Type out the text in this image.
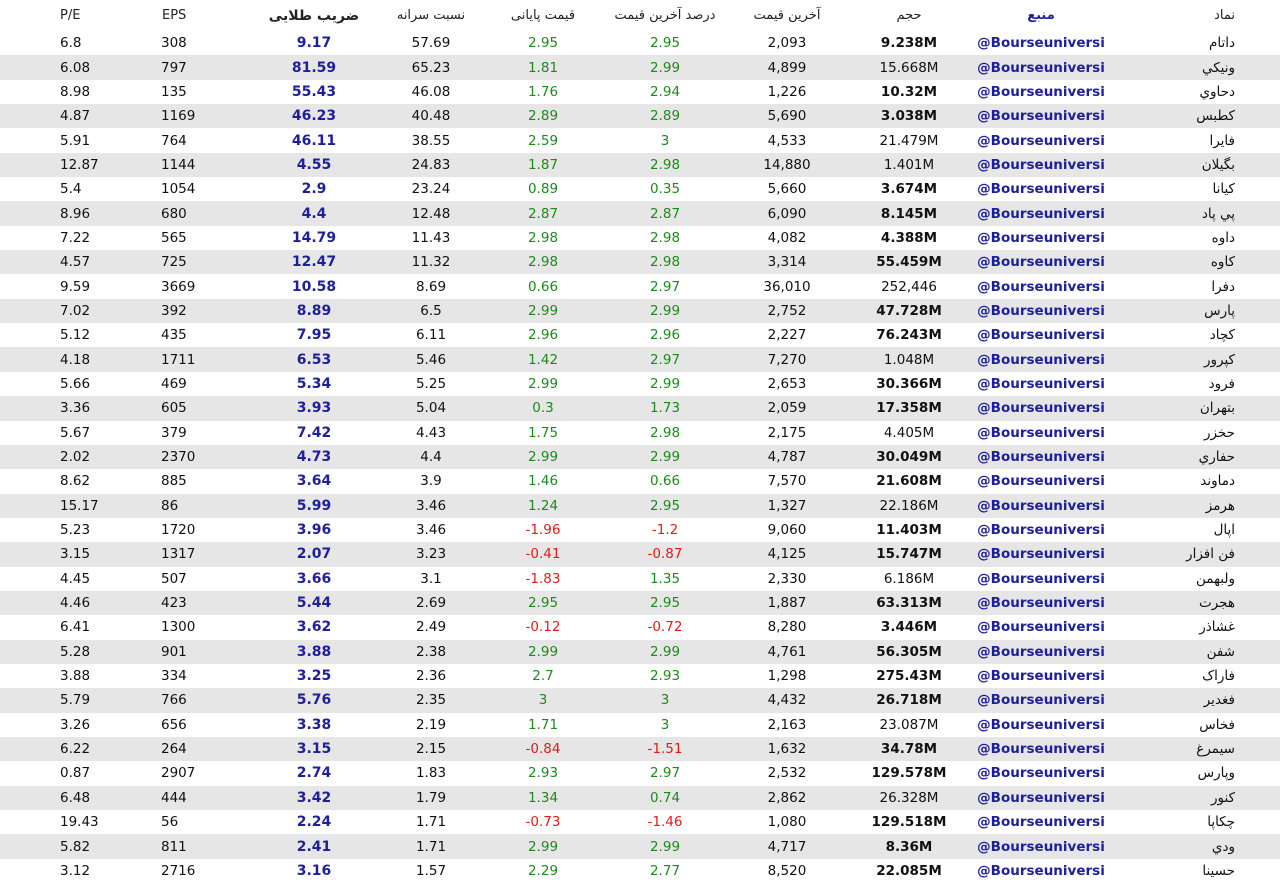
P/E	EPS	ضریب طلایی	نسبت سرانه	قیمت پایانی	درصد آخرین قیمت	آخرین قیمت	حجم	منبع	نماد
6.8	308	9.17	57.69	2.95	2.95	2,093	9.238M	@Bourseuniversi	داتام
6.08	797	81.59	65.23	1.81	2.99	4,899	15.668M	@Bourseuniversi	ونیکي
8.98	135	55.43	46.08	1.76	2.94	1,226	10.32M	@Bourseuniversi	دحاوي
4.87	1169	46.23	40.48	2.89	2.89	5,690	3.038M	@Bourseuniversi	کطبس
5.91	764	46.11	38.55	2.59	3	4,533	21.479M	@Bourseuniversi	فايرا
12.87	1144	4.55	24.83	1.87	2.98	14,880	1.401M	@Bourseuniversi	بگيلان
5.4	1054	2.9	23.24	0.89	0.35	5,660	3.674M	@Bourseuniversi	کيانا
8.96	680	4.4	12.48	2.87	2.87	6,090	8.145M	@Bourseuniversi	پي پاد
7.22	565	14.79	11.43	2.98	2.98	4,082	4.388M	@Bourseuniversi	داوه
4.57	725	12.47	11.32	2.98	2.98	3,314	55.459M	@Bourseuniversi	کاوه
9.59	3669	10.58	8.69	0.66	2.97	36,010	252,446	@Bourseuniversi	دفرا
7.02	392	8.89	6.5	2.99	2.99	2,752	47.728M	@Bourseuniversi	پارس
5.12	435	7.95	6.11	2.96	2.96	2,227	76.243M	@Bourseuniversi	کچاد
4.18	1711	6.53	5.46	1.42	2.97	7,270	1.048M	@Bourseuniversi	کپرور
5.66	469	5.34	5.25	2.99	2.99	2,653	30.366M	@Bourseuniversi	فرود
3.36	605	3.93	5.04	0.3	1.73	2,059	17.358M	@Bourseuniversi	بتهران
5.67	379	7.42	4.43	1.75	2.98	2,175	4.405M	@Bourseuniversi	حخزر
2.02	2370	4.73	4.4	2.99	2.99	4,787	30.049M	@Bourseuniversi	حفاري
8.62	885	3.64	3.9	1.46	0.66	7,570	21.608M	@Bourseuniversi	دماوند
15.17	86	5.99	3.46	1.24	2.95	1,327	22.186M	@Bourseuniversi	هرمز
5.23	1720	3.96	3.46	-1.96	-1.2	9,060	11.403M	@Bourseuniversi	اپال
3.15	1317	2.07	3.23	-0.41	-0.87	4,125	15.747M	@Bourseuniversi	فن افزار
4.45	507	3.66	3.1	-1.83	1.35	2,330	6.186M	@Bourseuniversi	ولبهمن
4.46	423	5.44	2.69	2.95	2.95	1,887	63.313M	@Bourseuniversi	هجرت
6.41	1300	3.62	2.49	-0.12	-0.72	8,280	3.446M	@Bourseuniversi	غشاذر
5.28	901	3.88	2.38	2.99	2.99	4,761	56.305M	@Bourseuniversi	شفن
3.88	334	3.25	2.36	2.7	2.93	1,298	275.43M	@Bourseuniversi	فاراک
5.79	766	5.76	2.35	3	3	4,432	26.718M	@Bourseuniversi	فغدير
3.26	656	3.38	2.19	1.71	3	2,163	23.087M	@Bourseuniversi	فخاس
6.22	264	3.15	2.15	-0.84	-1.51	1,632	34.78M	@Bourseuniversi	سيمرغ
0.87	2907	2.74	1.83	2.93	2.97	2,532	129.578M	@Bourseuniversi	وپارس
6.48	444	3.42	1.79	1.34	0.74	2,862	26.328M	@Bourseuniversi	کنور
19.43	56	2.24	1.71	-0.73	-1.46	1,080	129.518M	@Bourseuniversi	چکاپا
5.82	811	2.41	1.71	2.99	2.99	4,717	8.36M	@Bourseuniversi	ودي
3.12	2716	3.16	1.57	2.29	2.77	8,520	22.085M	@Bourseuniversi	حسينا
